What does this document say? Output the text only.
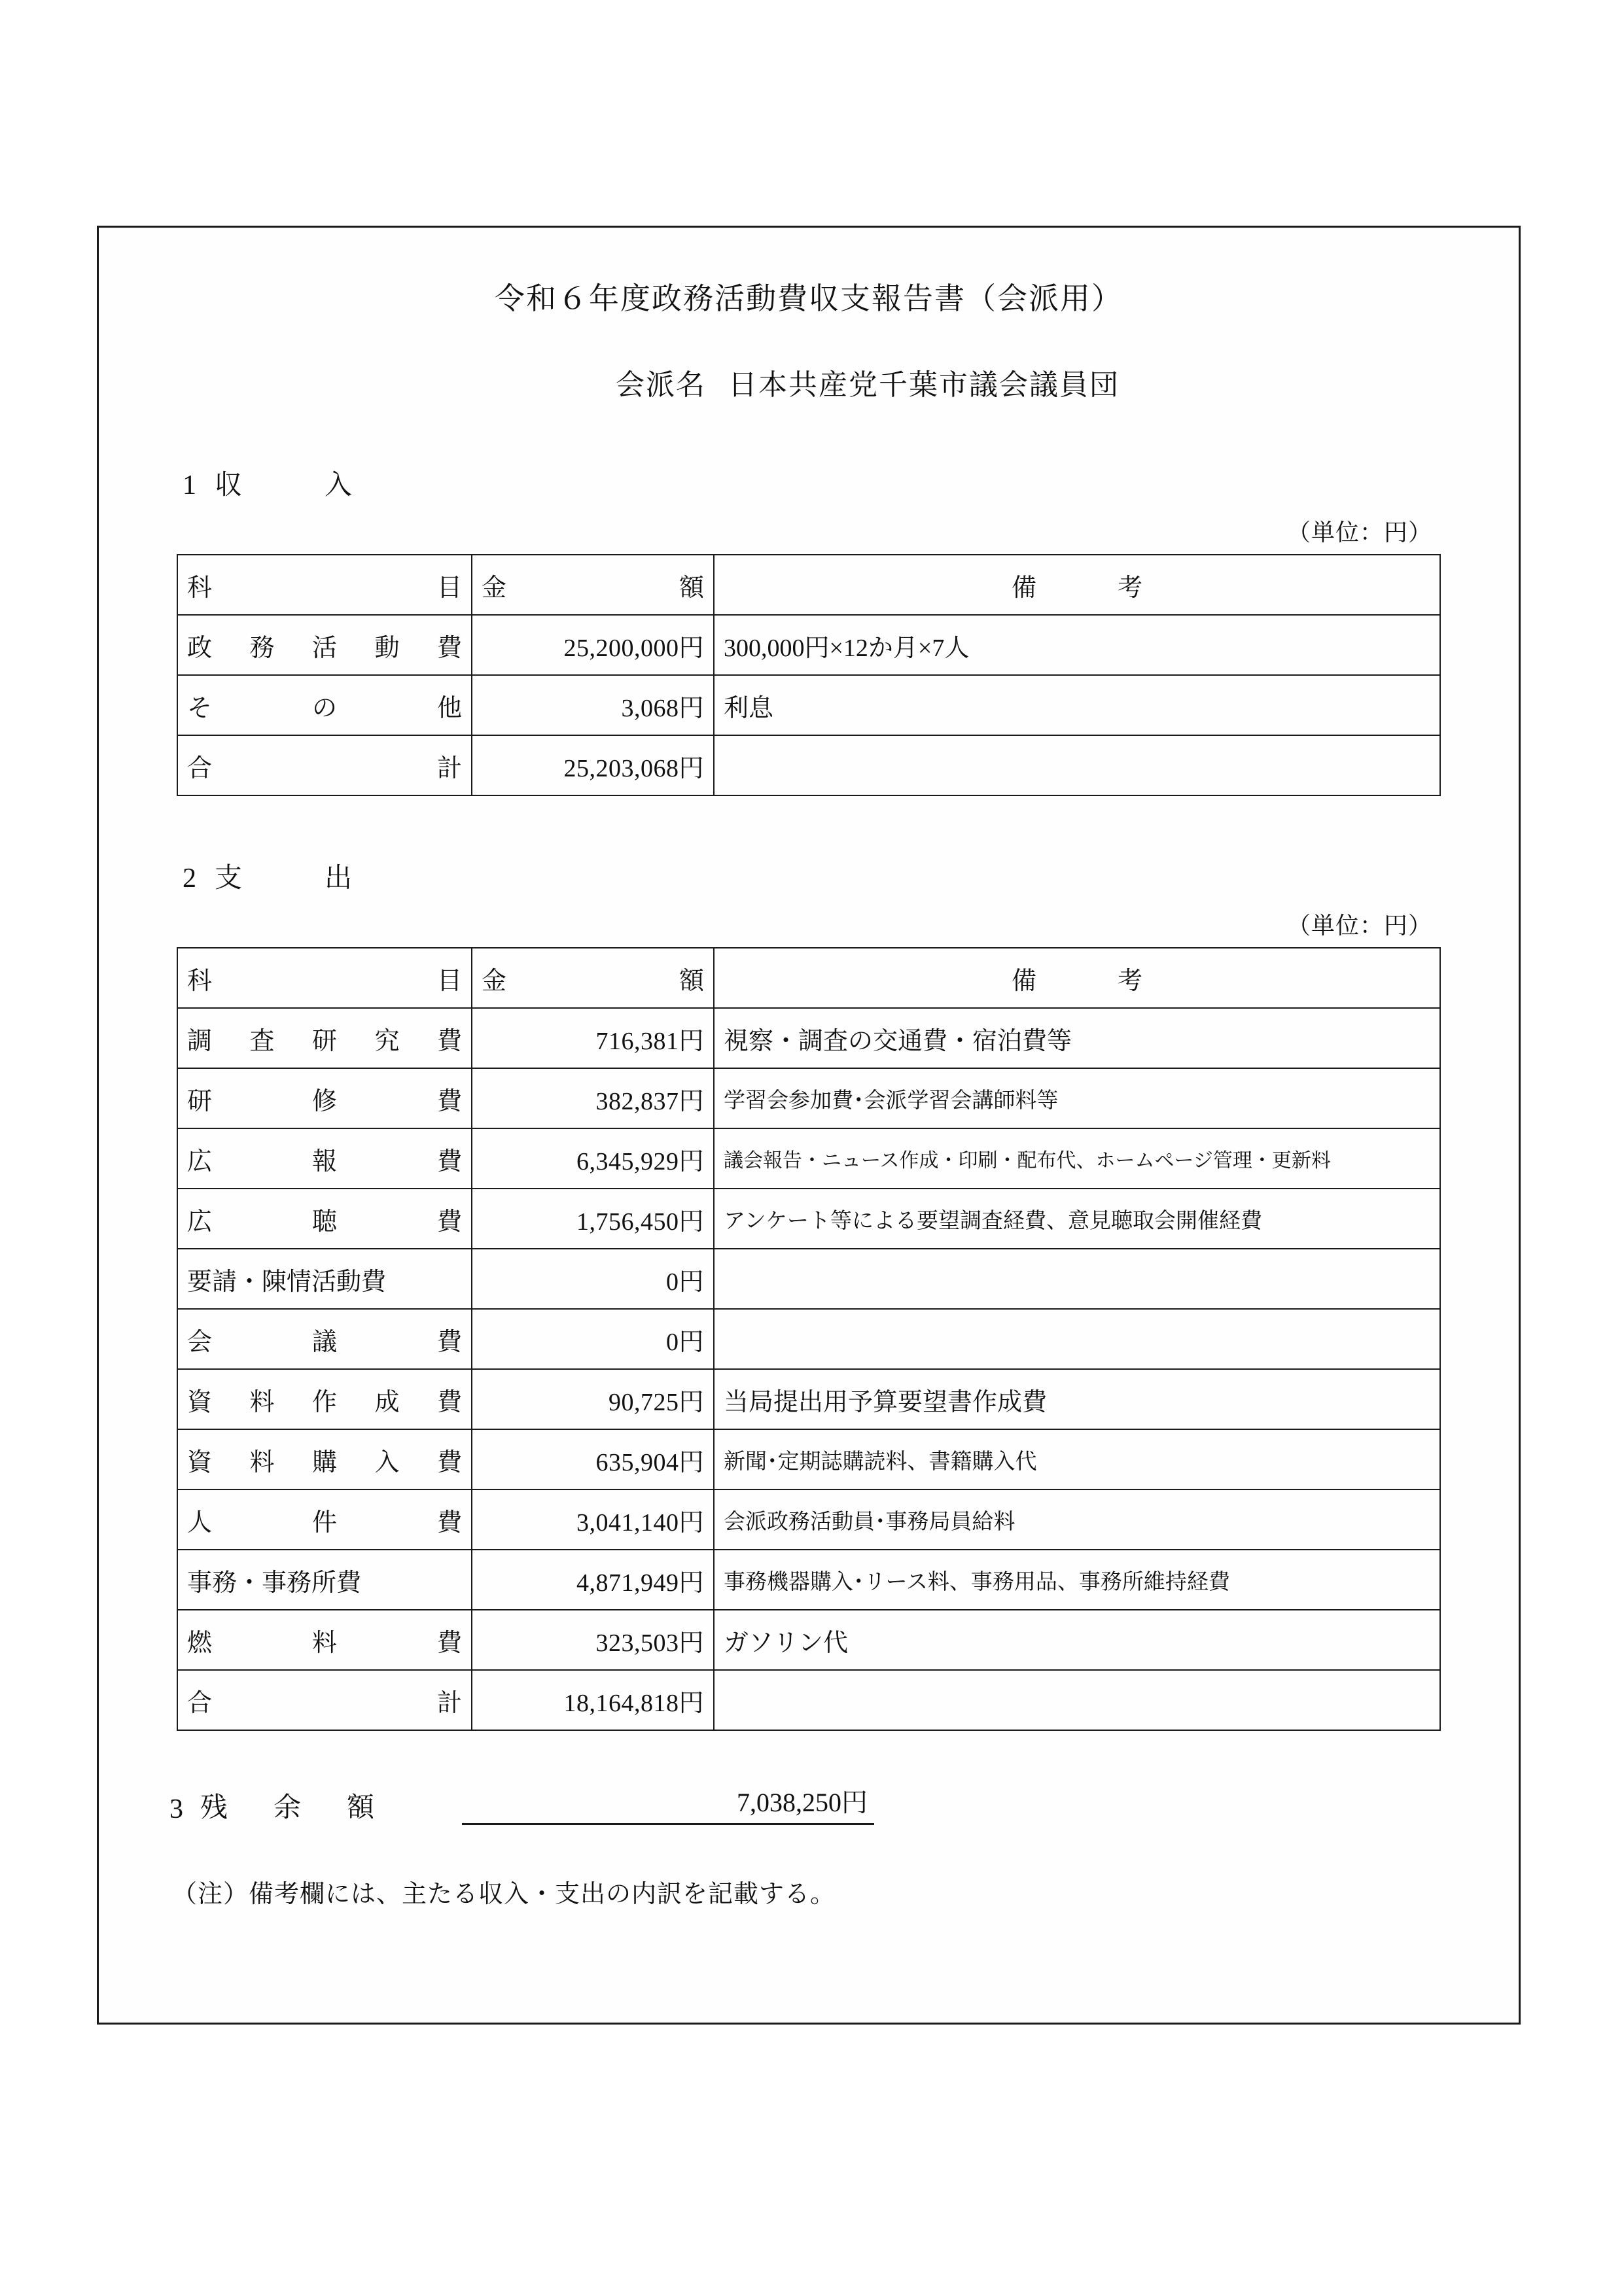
令和６年度政務活動費収支報告書（会派用）
会派名 日本共産党千葉市議会議員団
1 収　　入
（単位：円）
科　　　目	金　　額	備 考
政 務 活 動 費	25,200,000円	300,000円×12か月×7人
そ　　の　　他	3,068円	利息
合　　　　計	25,203,068円	
2 支　　出
（単位：円）
科　　　目	金　　額	備 考
調 査 研 究 費	716,381円	視察・調査の交通費・宿泊費等
研　　修　　費	382,837円	学習会参加費･会派学習会講師料等
広　　報　　費	6,345,929円	議会報告・ニュース作成・印刷・配布代、ホームページ管理・更新料
広　　聴　　費	1,756,450円	アンケート等による要望調査経費、意見聴取会開催経費
要請・陳情活動費	0円	
会　　議　　費	0円	
資 料 作 成 費	90,725円	当局提出用予算要望書作成費
資 料 購 入 費	635,904円	新聞･定期誌購読料、書籍購入代
人　　件　　費	3,041,140円	会派政務活動員･事務局員給料
事務・事務所費	4,871,949円	事務機器購入･リース料、事務用品、事務所維持経費
燃　　料　　費	323,503円	ガソリン代
合　　　　計	18,164,818円	
3 残　余　額	7,038,250円
（注）備考欄には、主たる収入・支出の内訳を記載する。
